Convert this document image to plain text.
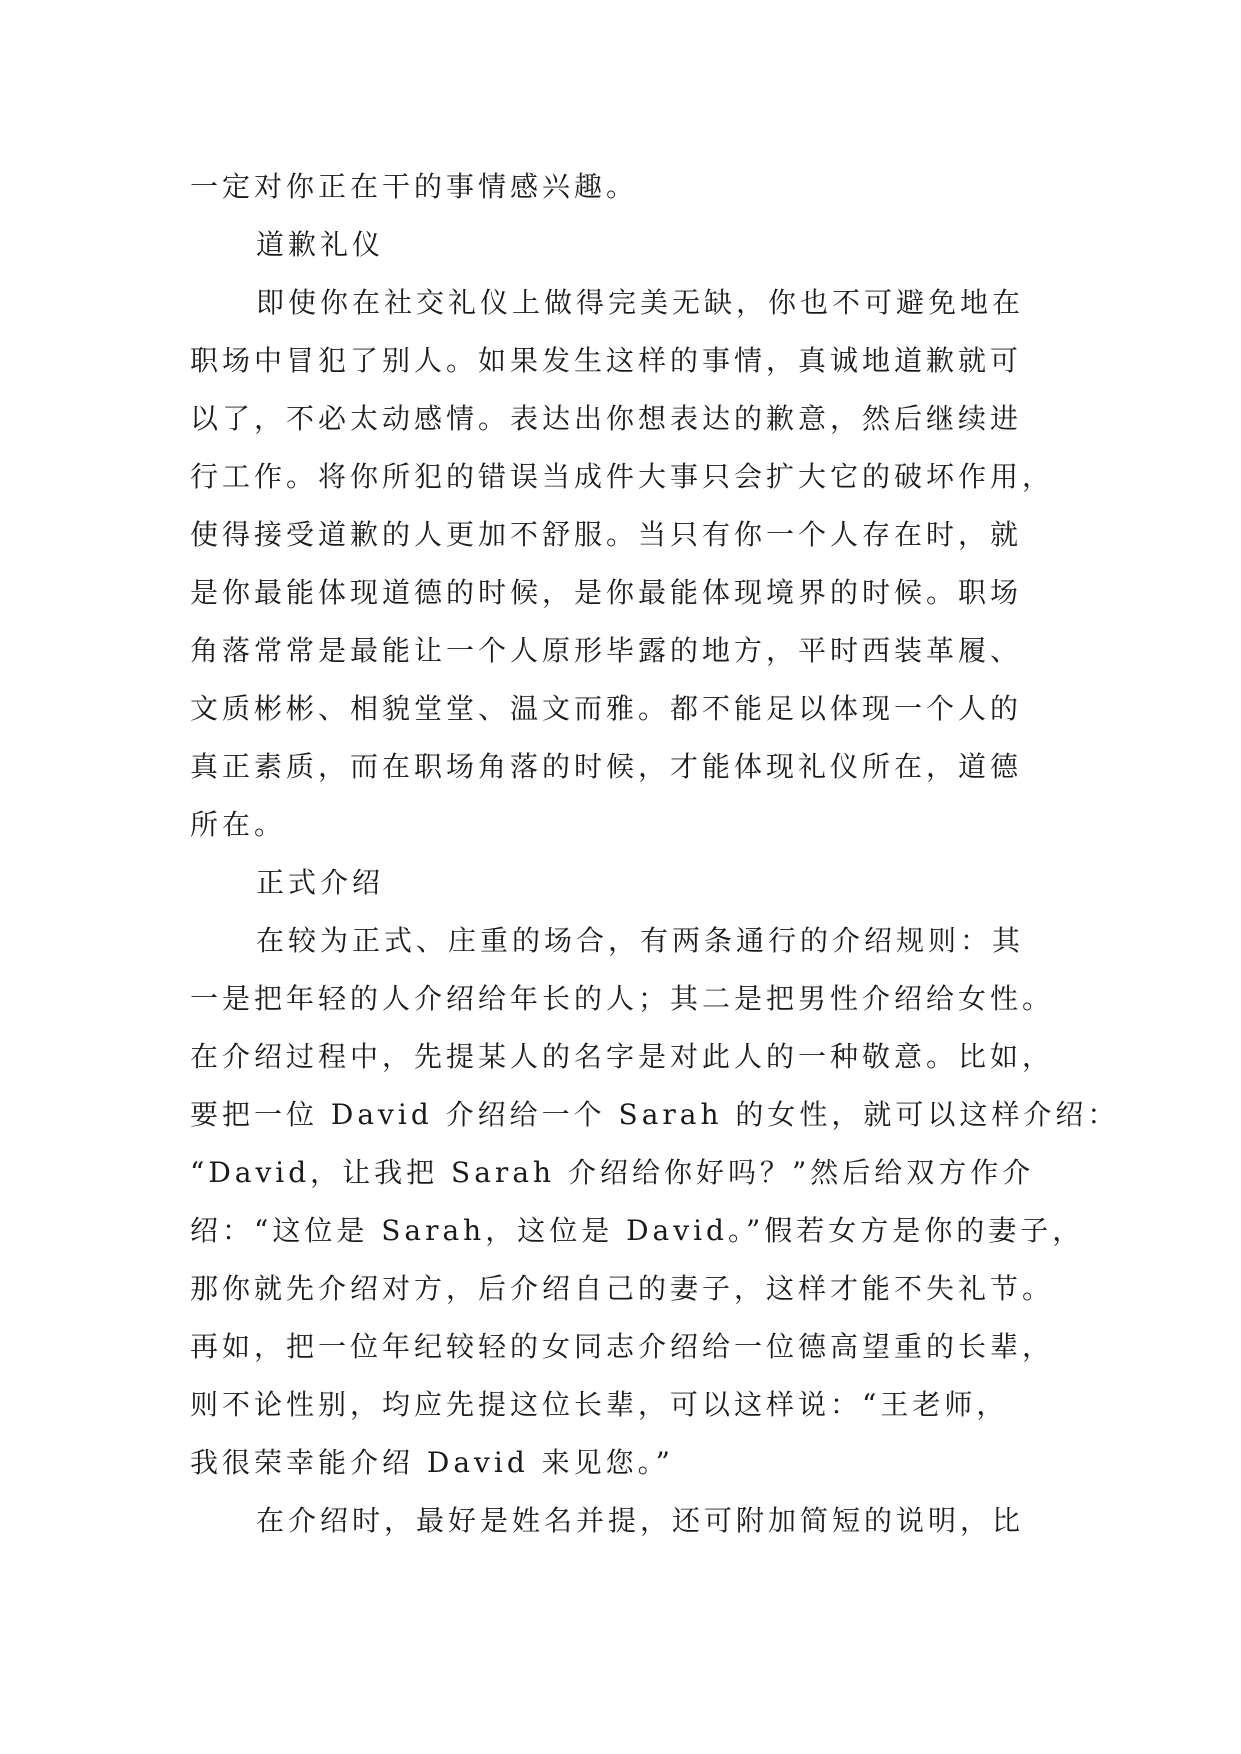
一定对你正在干的事情感兴趣。
道歉礼仪
即使你在社交礼仪上做得完美无缺，你也不可避免地在
职场中冒犯了别人。如果发生这样的事情，真诚地道歉就可
以了，不必太动感情。表达出你想表达的歉意，然后继续进
行工作。将你所犯的错误当成件大事只会扩大它的破坏作用，
使得接受道歉的人更加不舒服。当只有你一个人存在时，就
是你最能体现道德的时候，是你最能体现境界的时候。职场
角落常常是最能让一个人原形毕露的地方，平时西装革履、
文质彬彬、相貌堂堂、温文而雅。都不能足以体现一个人的
真正素质，而在职场角落的时候，才能体现礼仪所在，道德
所在。
正式介绍
在较为正式、庄重的场合，有两条通行的介绍规则：其
一是把年轻的人介绍给年长的人；其二是把男性介绍给女性。
在介绍过程中，先提某人的名字是对此人的一种敬意。比如，
要把一位 David 介绍给一个 Sarah 的女性，就可以这样介绍：
“David，让我把 Sarah 介绍给你好吗？”然后给双方作介
绍：“这位是 Sarah，这位是 David。”假若女方是你的妻子，
那你就先介绍对方，后介绍自己的妻子，这样才能不失礼节。
再如，把一位年纪较轻的女同志介绍给一位德高望重的长辈，
则不论性别，均应先提这位长辈，可以这样说：“王老师，
我很荣幸能介绍 David 来见您。”
在介绍时，最好是姓名并提，还可附加简短的说明，比
